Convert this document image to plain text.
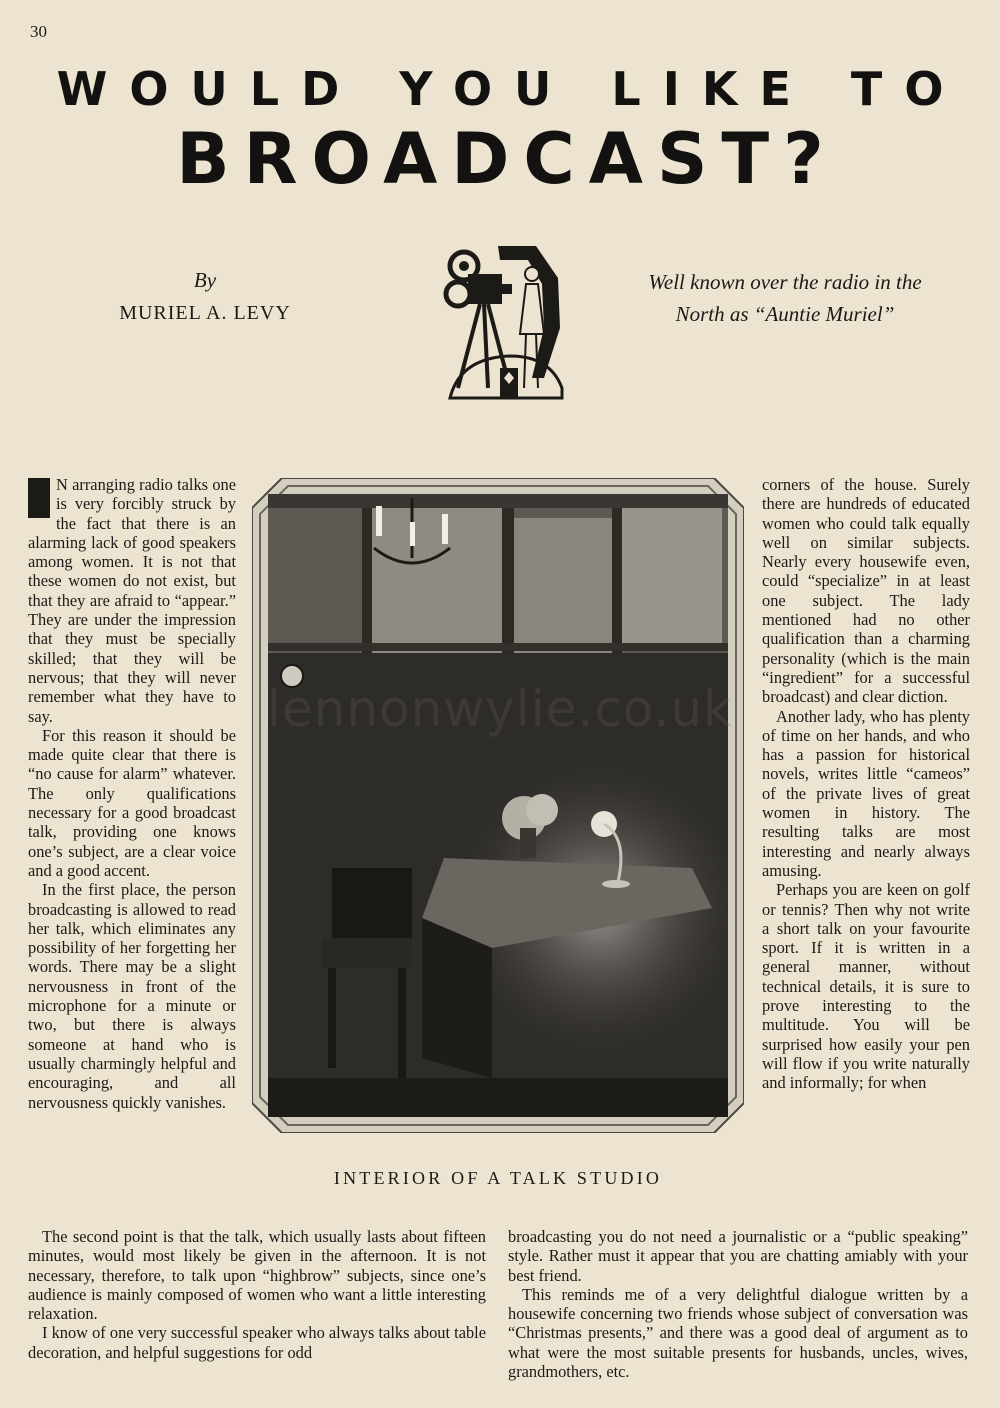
30
WOULD YOU LIKE TO
BROADCAST?
By
MURIEL A. LEVY
Well known over the radio in the
North as “Auntie Muriel”

N arranging radio talks one is very forcibly struck by the fact that there is an alarming lack of good speakers among women. It is not that these women do not exist, but that they are afraid to “appear.” They are under the impression that they must be specially skilled; that they will be nervous; that they will never remember what they have to say.

For this reason it should be made quite clear that there is “no cause for alarm” whatever. The only qualifications necessary for a good broadcast talk, providing one knows one’s subject, are a clear voice and a good accent.

In the first place, the person broadcasting is allowed to read her talk, which eliminates any possibility of her forgetting her words. There may be a slight nervousness in front of the microphone for a minute or two, but there is always someone at hand who is usually charmingly helpful and encouraging, and all nervousness quickly vanishes.

lennonwylie.co.uk
INTERIOR OF A TALK STUDIO

corners of the house. Surely there are hundreds of educated women who could talk equally well on similar subjects. Nearly every housewife even, could “specialize” in at least one subject. The lady mentioned had no other qualification than a charming personality (which is the main “ingredient” for a successful broadcast) and clear diction.

Another lady, who has plenty of time on her hands, and who has a passion for historical novels, writes little “cameos” of the private lives of great women in history. The resulting talks are most interesting and nearly always amusing.

Perhaps you are keen on golf or tennis? Then why not write a short talk on your favourite sport. If it is written in a general manner, without technical details, it is sure to prove interesting to the multitude. You will be surprised how easily your pen will flow if you write naturally and informally; for when

The second point is that the talk, which usually lasts about fifteen minutes, would most likely be given in the afternoon. It is not necessary, therefore, to talk upon “highbrow” subjects, since one’s audience is mainly composed of women who want a little interesting relaxation.

I know of one very successful speaker who always talks about table decoration, and helpful suggestions for odd

broadcasting you do not need a journalistic or a “public speaking” style. Rather must it appear that you are chatting amiably with your best friend.

This reminds me of a very delightful dialogue written by a housewife concerning two friends whose subject of conversation was “Christmas presents,” and there was a good deal of argument as to what were the most suitable presents for husbands, uncles, wives, grandmothers, etc.
